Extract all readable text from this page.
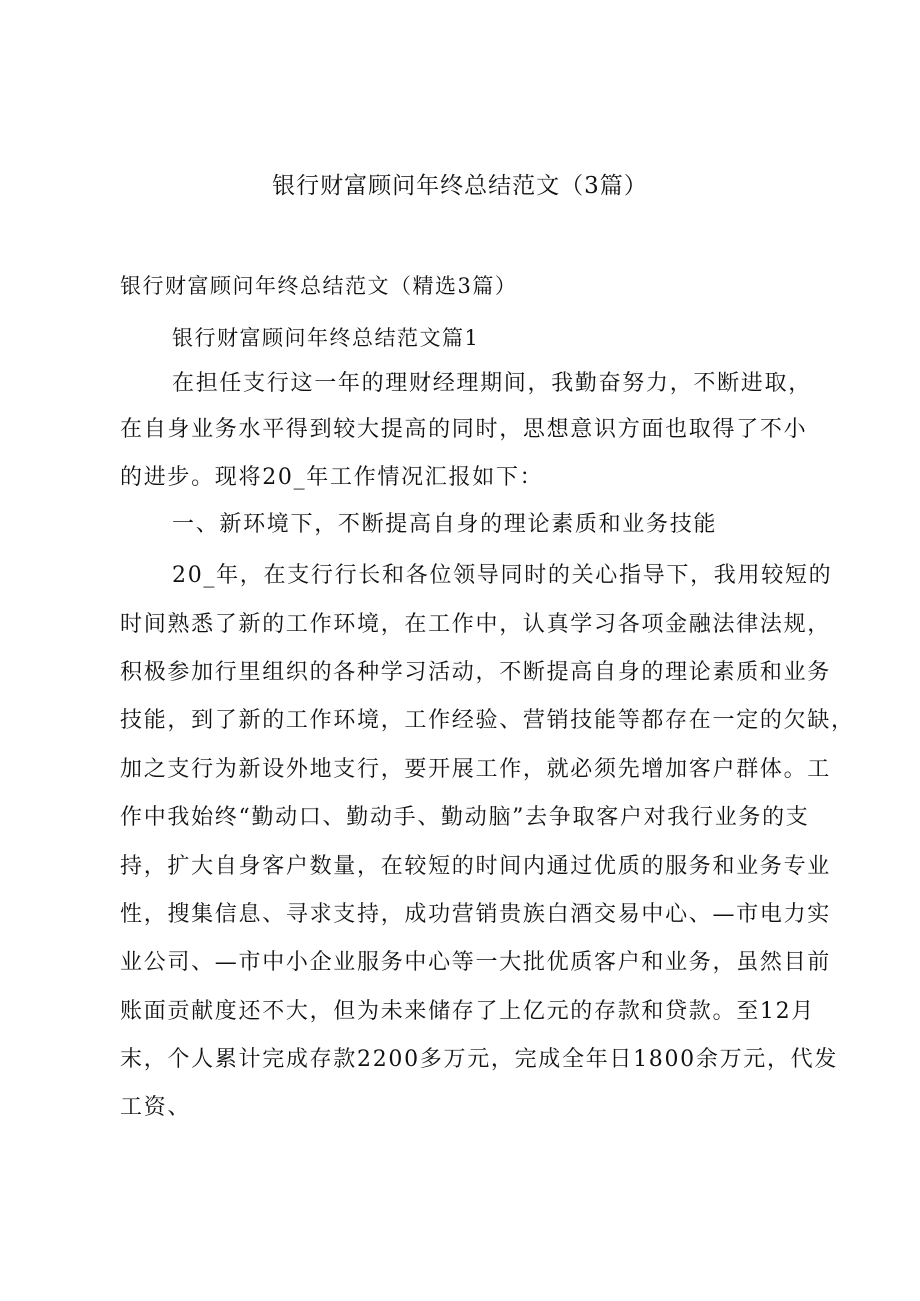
银行财富顾问年终总结范文（3篇）
银行财富顾问年终总结范文（精选3篇）
银行财富顾问年终总结范文篇1
在担任支行这一年的理财经理期间，我勤奋努力，不断进取，
在自身业务水平得到较大提高的同时，思想意识方面也取得了不小
的进步。现将20_年工作情况汇报如下：
一、新环境下，不断提高自身的理论素质和业务技能
20_年，在支行行长和各位领导同时的关心指导下，我用较短的
时间熟悉了新的工作环境，在工作中，认真学习各项金融法律法规，
积极参加行里组织的各种学习活动，不断提高自身的理论素质和业务
技能，到了新的工作环境，工作经验、营销技能等都存在一定的欠缺，
加之支行为新设外地支行，要开展工作，就必须先增加客户群体。工
作中我始终“勤动口、勤动手、勤动脑”去争取客户对我行业务的支
持，扩大自身客户数量，在较短的时间内通过优质的服务和业务专业
性，搜集信息、寻求支持，成功营销贵族白酒交易中心、—市电力实
业公司、—市中小企业服务中心等一大批优质客户和业务，虽然目前
账面贡献度还不大，但为未来储存了上亿元的存款和贷款。至12月
末，个人累计完成存款2200多万元，完成全年日1800余万元，代发
工资、
